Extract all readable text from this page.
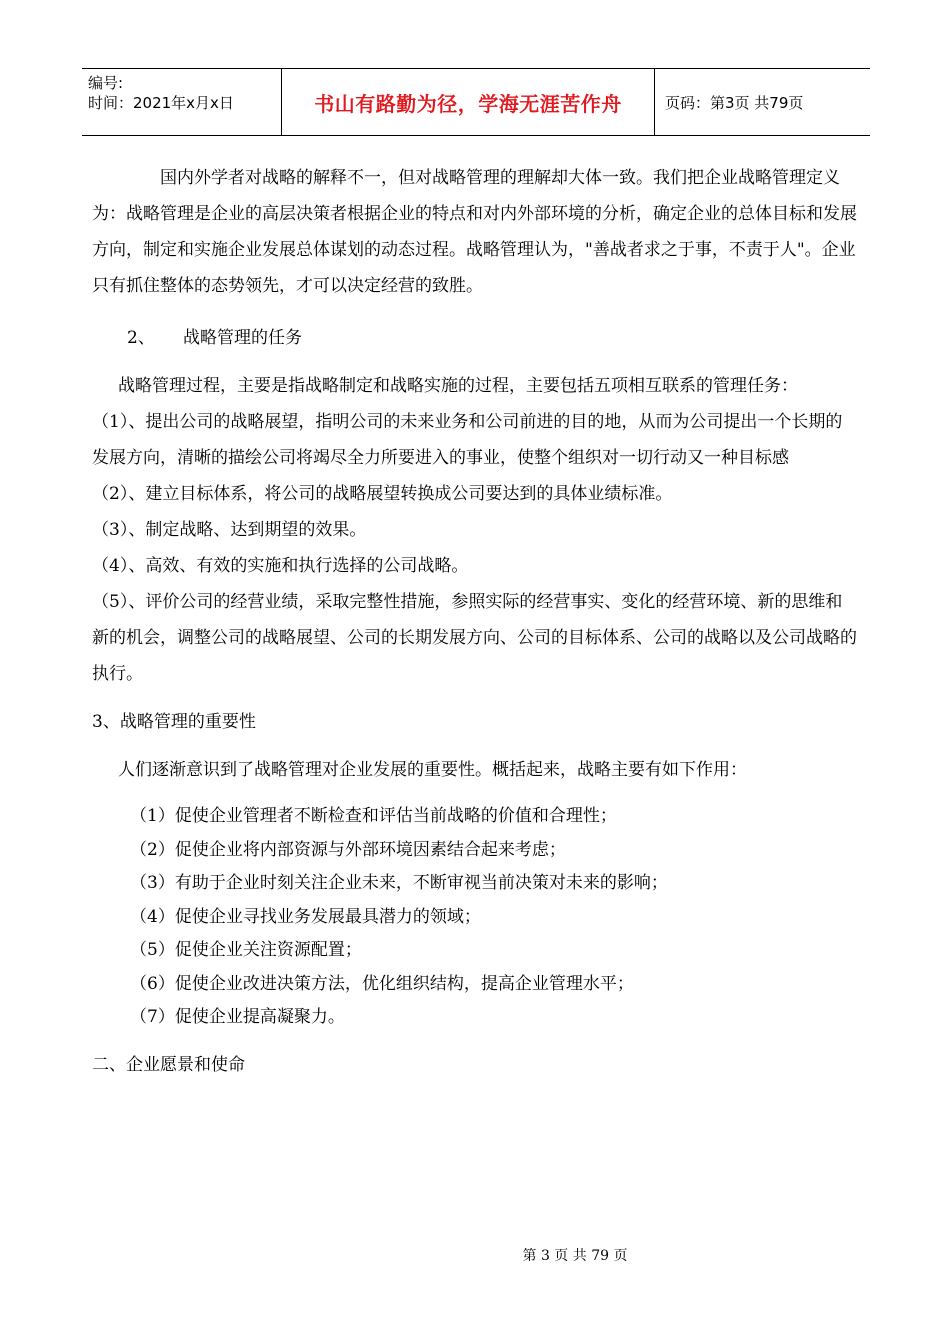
编号:
时间：2021年x月x日	书山有路勤为径，学海无涯苦作舟	页码：第3页 共79页

国内外学者对战略的解释不一，但对战略管理的理解却大体一致。我们把企业战略管理定义为：战略管理是企业的高层决策者根据企业的特点和对内外部环境的分析，确定企业的总体目标和发展方向，制定和实施企业发展总体谋划的动态过程。战略管理认为，"善战者求之于事，不责于人"。企业只有抓住整体的态势领先，才可以决定经营的致胜。

2、 战略管理的任务

战略管理过程，主要是指战略制定和战略实施的过程，主要包括五项相互联系的管理任务：

（1）、提出公司的战略展望，指明公司的未来业务和公司前进的目的地，从而为公司提出一个长期的发展方向，清晰的描绘公司将竭尽全力所要进入的事业，使整个组织对一切行动又一种目标感

（2）、建立目标体系，将公司的战略展望转换成公司要达到的具体业绩标准。

（3）、制定战略、达到期望的效果。

（4）、高效、有效的实施和执行选择的公司战略。

（5）、评价公司的经营业绩，采取完整性措施，参照实际的经营事实、变化的经营环境、新的思维和新的机会，调整公司的战略展望、公司的长期发展方向、公司的目标体系、公司的战略以及公司战略的执行。

3、战略管理的重要性

人们逐渐意识到了战略管理对企业发展的重要性。概括起来，战略主要有如下作用：

（1）促使企业管理者不断检查和评估当前战略的价值和合理性；

（2）促使企业将内部资源与外部环境因素结合起来考虑；

（3）有助于企业时刻关注企业未来，不断审视当前决策对未来的影响；

（4）促使企业寻找业务发展最具潜力的领域；

（5）促使企业关注资源配置；

（6）促使企业改进决策方法，优化组织结构，提高企业管理水平；

（7）促使企业提高凝聚力。

二、企业愿景和使命

第 3 页 共 79 页
